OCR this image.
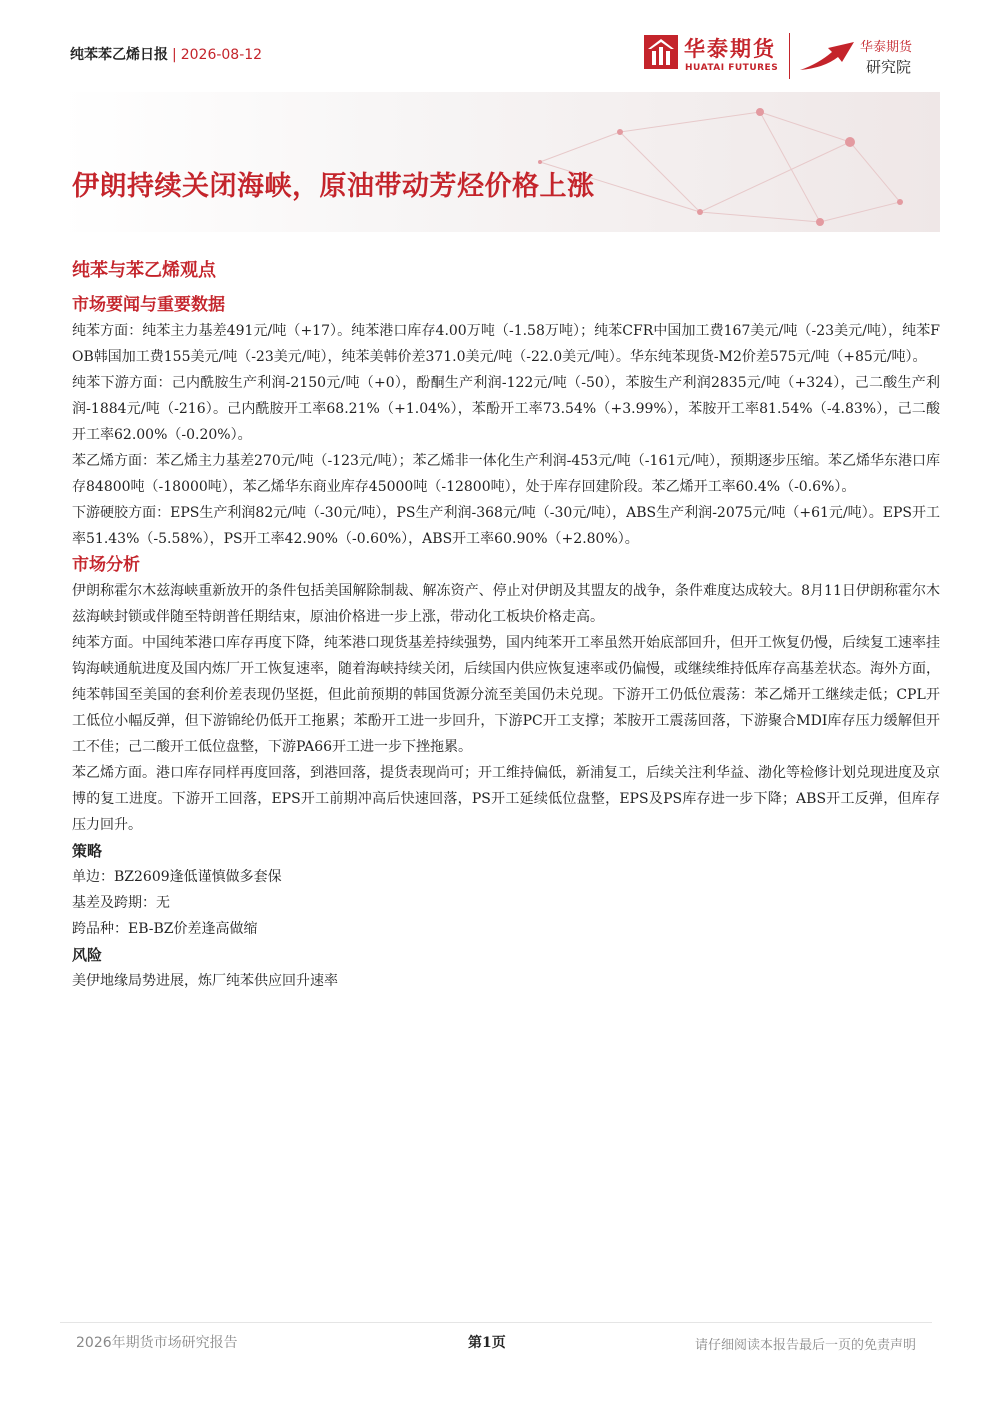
纯苯苯乙烯日报 | 2026-08-12	华泰期货
HUATAI FUTURES
华泰期货
研究院
伊朗持续关闭海峡，原油带动芳烃价格上涨
纯苯与苯乙烯观点
市场要闻与重要数据

纯苯方面：纯苯主力基差491元/吨（+17）。纯苯港口库存4.00万吨（-1.58万吨）；纯苯CFR中国加工费167美元/吨（-23美元/吨），纯苯FOB韩国加工费155美元/吨（-23美元/吨），纯苯美韩价差371.0美元/吨（-22.0美元/吨）。华东纯苯现货-M2价差575元/吨（+85元/吨）。

纯苯下游方面：己内酰胺生产利润-2150元/吨（+0），酚酮生产利润-122元/吨（-50），苯胺生产利润2835元/吨（+324），己二酸生产利润-1884元/吨（-216）。己内酰胺开工率68.21%（+1.04%），苯酚开工率73.54%（+3.99%），苯胺开工率81.54%（-4.83%），己二酸开工率62.00%（-0.20%）。

苯乙烯方面：苯乙烯主力基差270元/吨（-123元/吨）；苯乙烯非一体化生产利润-453元/吨（-161元/吨），预期逐步压缩。苯乙烯华东港口库存84800吨（-18000吨），苯乙烯华东商业库存45000吨（-12800吨），处于库存回建阶段。苯乙烯开工率60.4%（-0.6%）。

下游硬胶方面：EPS生产利润82元/吨（-30元/吨），PS生产利润-368元/吨（-30元/吨），ABS生产利润-2075元/吨（+61元/吨）。EPS开工率51.43%（-5.58%），PS开工率42.90%（-0.60%），ABS开工率60.90%（+2.80%）。

市场分析

伊朗称霍尔木兹海峡重新放开的条件包括美国解除制裁、解冻资产、停止对伊朗及其盟友的战争，条件难度达成较大。8月11日伊朗称霍尔木兹海峡封锁或伴随至特朗普任期结束，原油价格进一步上涨，带动化工板块价格走高。

纯苯方面。中国纯苯港口库存再度下降，纯苯港口现货基差持续强势，国内纯苯开工率虽然开始底部回升，但开工恢复仍慢，后续复工速率挂钩海峡通航进度及国内炼厂开工恢复速率，随着海峡持续关闭，后续国内供应恢复速率或仍偏慢，或继续维持低库存高基差状态。海外方面，纯苯韩国至美国的套利价差表现仍坚挺，但此前预期的韩国货源分流至美国仍未兑现。下游开工仍低位震荡：苯乙烯开工继续走低；CPL开工低位小幅反弹，但下游锦纶仍低开工拖累；苯酚开工进一步回升，下游PC开工支撑；苯胺开工震荡回落，下游聚合MDI库存压力缓解但开工不佳；己二酸开工低位盘整，下游PA66开工进一步下挫拖累。

苯乙烯方面。港口库存同样再度回落，到港回落，提货表现尚可；开工维持偏低，新浦复工，后续关注利华益、渤化等检修计划兑现进度及京博的复工进度。下游开工回落，EPS开工前期冲高后快速回落，PS开工延续低位盘整，EPS及PS库存进一步下降；ABS开工反弹，但库存压力回升。

策略

单边：BZ2609逢低谨慎做多套保

基差及跨期：无

跨品种：EB-BZ价差逢高做缩

风险

美伊地缘局势进展，炼厂纯苯供应回升速率

2026年期货市场研究报告	第1页	请仔细阅读本报告最后一页的免责声明
